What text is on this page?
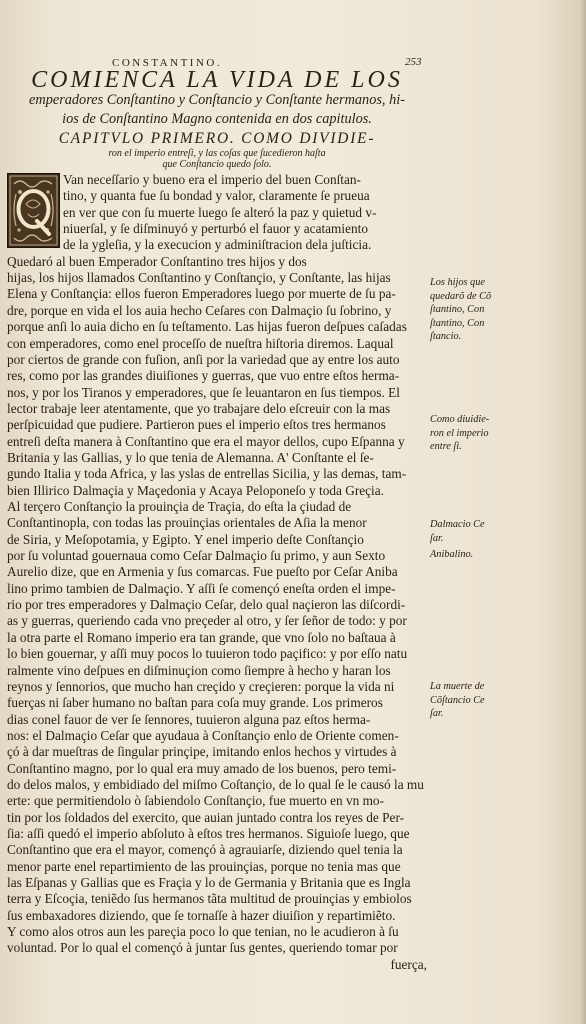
CONSTANTINO.	253
COMIENCA LA VIDA DE LOS
emperadores Conſtantino y Conſtancio y Conſtante hermanos, hi-
ios de Conſtantino Magno contenida en dos capitulos.
CAPITVLO PRIMERO. COMO DIVIDIE-
ron el imperio entreſi, y las coſas que ſucedieron haſta
que Conſtancio quedo ſolo.
Van neceſſario y bueno era el imperio del buen Conſtan-
tino, y quanta fue ſu bondad y valor, claramente ſe prueua
en ver que con ſu muerte luego ſe alteró la paz y quietud v-
niuerſal, y ſe diſminuyó y perturbó el fauor y acatamiento
de la ygleſia, y la execucion y adminiſtracion dela juſticia.
Quedaró al buen Emperador Conſtantino tres hijos y dos
hijas, los hijos llamados Conſtantino y Conſtançio, y Conſtante, las hijas
Elena y Conſtançia: ellos fueron Emperadores luego por muerte de ſu pa-
dre, porque en vida el los auia hecho Ceſares con Dalmaçio ſu ſobrino, y
porque anſi lo auia dicho en ſu teſtamento. Las hijas fueron deſpues caſadas
con emperadores, como enel proceſſo de nueſtra hiſtoria diremos. Laqual
por ciertos de grande con fuſion, anſi por la variedad que ay entre los auto
res, como por las grandes diuiſiones y guerras, que vuo entre eſtos herma-
nos, y por los Tiranos y emperadores, que ſe leuantaron en ſus tiempos. El
lector trabaje leer atentamente, que yo trabajare delo eſcreuir con la mas
perſpicuidad que pudiere. Partieron pues el imperio eſtos tres hermanos
entreſi deſta manera à Conſtantino que era el mayor dellos, cupo Eſpanna y
Britania y las Gallias, y lo que tenia de Alemanna. A' Conſtante el ſe-
gundo Italia y toda Africa, y las yslas de entrellas Sicilia, y las demas, tam-
bien Illirico Dalmaçia y Maçedonia y Acaya Peloponeſo y toda Greçia.
Al terçero Conſtançio la prouinçia de Traçia, do eſta la çiudad de
Conſtantinopla, con todas las prouinçias orientales de Aſia la menor
de Siria, y Meſopotamia, y Egipto. Y enel imperio deſte Conſtançio
por ſu voluntad gouernaua como Ceſar Dalmaçio ſu primo, y aun Sexto
Aurelio dize, que en Armenia y ſus comarcas. Fue pueſto por Ceſar Aniba
lino primo tambien de Dalmaçio. Y aſſi ſe començó eneſta orden el impe-
rio por tres emperadores y Dalmaçio Ceſar, delo qual naçieron las diſcordi-
as y guerras, queriendo cada vno preçeder al otro, y ſer ſeñor de todo: y por
la otra parte el Romano imperio era tan grande, que vno ſolo no baſtaua à
lo bien gouernar, y aſſi muy pocos lo tuuieron todo paçifico: y por eſſo natu
ralmente vino deſpues en diſminuçion como ſiempre à hecho y haran los
reynos y ſennorios, que mucho han creçido y creçieren: porque la vida ni
fuerças ni ſaber humano no baſtan para coſa muy grande. Los primeros
dias conel fauor de ver ſe ſennores, tuuieron alguna paz eſtos herma-
nos: el Dalmaçio Ceſar que ayudaua à Conſtançio enlo de Oriente comen-
çó à dar mueſtras de ſingular prinçipe, imitando enlos hechos y virtudes à
Conſtantino magno, por lo qual era muy amado de los buenos, pero temi-
do delos malos, y embidiado del miſmo Coſtançio, de lo qual ſe le causó la mu
erte: que permitiendolo ò ſabiendolo Conſtançio, fue muerto en vn mo-
tin por los ſoldados del exercito, que auian juntado contra los reyes de Per-
ſia: aſſi quedó el imperio abſoluto à eſtos tres hermanos. Siguioſe luego, que
Conſtantino que era el mayor, començó à agrauiarſe, diziendo quel tenia la
menor parte enel repartimiento de las prouinçias, porque no tenia mas que
las Eſpanas y Gallias que es Fraçia y lo de Germania y Britania que es Ingla
terra y Eſcoçia, teniẽdo ſus hermanos tãta multitud de prouinçias y embiolos
ſus embaxadores diziendo, que ſe tornaſſe à hazer diuiſion y repartimiẽto.
Y como alos otros aun les pareçia poco lo que tenian, no le acudieron à ſu
voluntad. Por lo qual el començó à juntar ſus gentes, queriendo tomar por
fuerça,
Los hijos que
quedarõ de Cõ
ſtantino, Con
ſtantino, Con
ſtancio.
Como diuidie-
ron el imperio
entre ſi.
Dalmacio Ce
ſar.
Anibalino.
La muerte de
Cõſtancio Ce
ſar.
